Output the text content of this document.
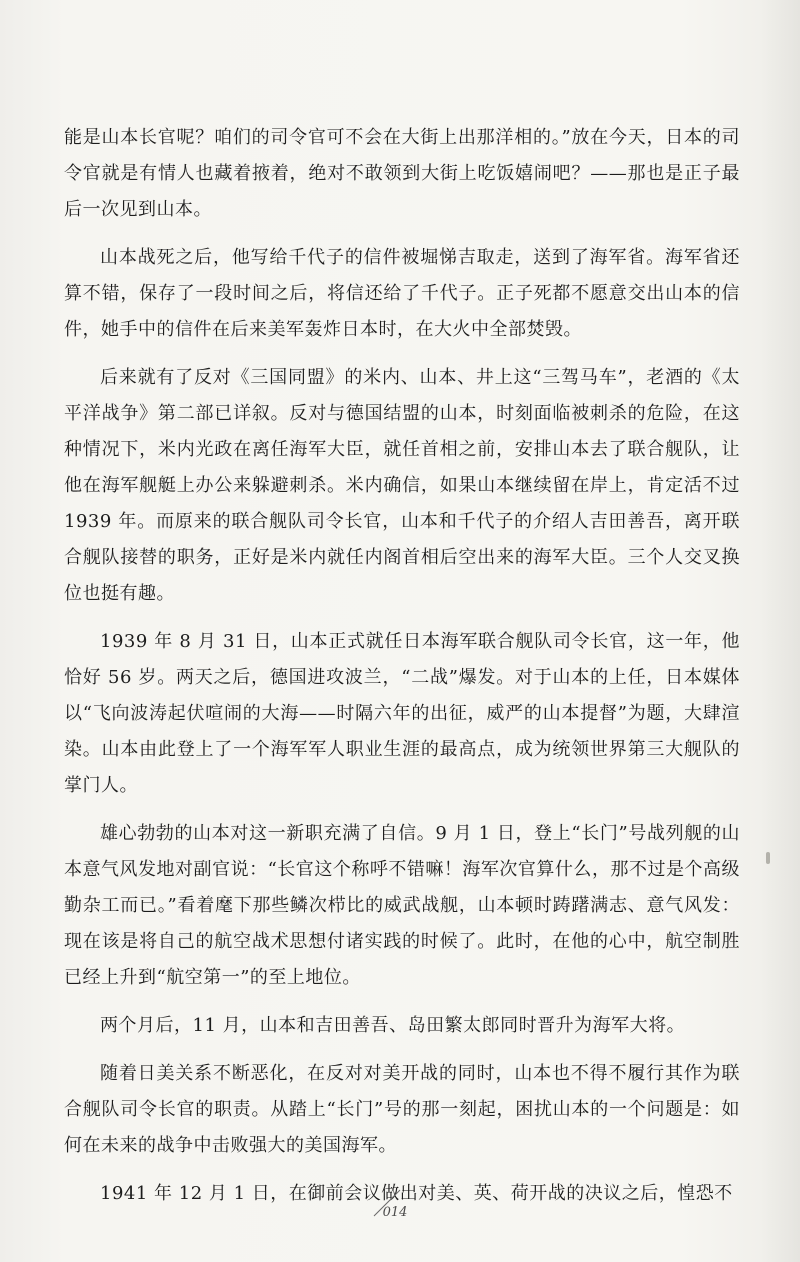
能是山本长官呢？咱们的司令官可不会在大街上出那洋相的。”放在今天，日本的司令官就是有情人也藏着掖着，绝对不敢领到大街上吃饭嬉闹吧？——那也是正子最后一次见到山本。

山本战死之后，他写给千代子的信件被堀悌吉取走，送到了海军省。海军省还算不错，保存了一段时间之后，将信还给了千代子。正子死都不愿意交出山本的信件，她手中的信件在后来美军轰炸日本时，在大火中全部焚毁。

后来就有了反对《三国同盟》的米内、山本、井上这“三驾马车”，老酒的《太平洋战争》第二部已详叙。反对与德国结盟的山本，时刻面临被刺杀的危险，在这种情况下，米内光政在离任海军大臣，就任首相之前，安排山本去了联合舰队，让他在海军舰艇上办公来躲避刺杀。米内确信，如果山本继续留在岸上，肯定活不过 1939 年。而原来的联合舰队司令长官，山本和千代子的介绍人吉田善吾，离开联合舰队接替的职务，正好是米内就任内阁首相后空出来的海军大臣。三个人交叉换位也挺有趣。

1939 年 8 月 31 日，山本正式就任日本海军联合舰队司令长官，这一年，他恰好 56 岁。两天之后，德国进攻波兰，“二战”爆发。对于山本的上任，日本媒体以“飞向波涛起伏喧闹的大海——时隔六年的出征，威严的山本提督”为题，大肆渲染。山本由此登上了一个海军军人职业生涯的最高点，成为统领世界第三大舰队的掌门人。

雄心勃勃的山本对这一新职充满了自信。9 月 1 日，登上“长门”号战列舰的山本意气风发地对副官说：“长官这个称呼不错嘛！海军次官算什么，那不过是个高级勤杂工而已。”看着麾下那些鳞次栉比的威武战舰，山本顿时踌躇满志、意气风发：现在该是将自己的航空战术思想付诸实践的时候了。此时，在他的心中，航空制胜已经上升到“航空第一”的至上地位。

两个月后，11 月，山本和吉田善吾、岛田繁太郎同时晋升为海军大将。

随着日美关系不断恶化，在反对对美开战的同时，山本也不得不履行其作为联合舰队司令长官的职责。从踏上“长门”号的那一刻起，困扰山本的一个问题是：如何在未来的战争中击败强大的美国海军。

1941 年 12 月 1 日，在御前会议做出对美、英、荷开战的决议之后，惶恐不

014
